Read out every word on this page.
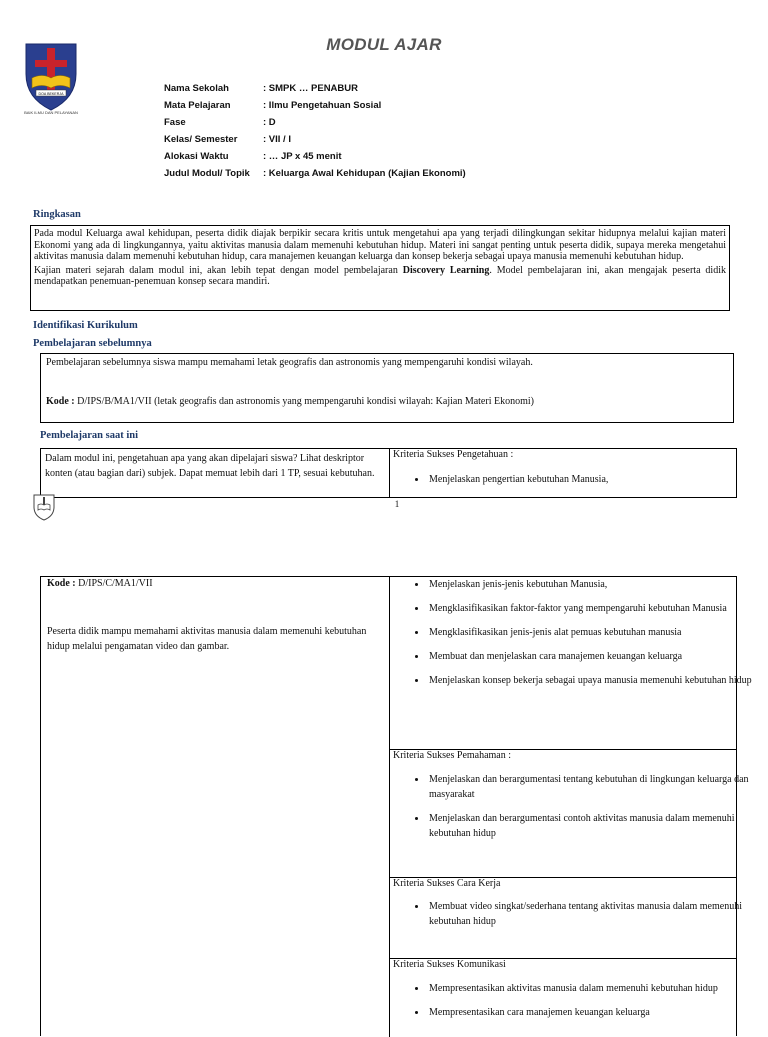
DOA BEKERJA
BAIK ILMU DAN PELAYANAN
MODUL AJAR
Nama Sekolah	: SMPK … PENABUR
Mata Pelajaran	: Ilmu Pengetahuan Sosial
Fase	: D
Kelas/ Semester	: VII / I
Alokasi Waktu	: … JP x 45 menit
Judul Modul/ Topik	: Keluarga Awal Kehidupan (Kajian Ekonomi)
Ringkasan
Pada modul Keluarga awal kehidupan, peserta didik diajak berpikir secara kritis untuk mengetahui apa yang terjadi dilingkungan sekitar hidupnya melalui kajian materi Ekonomi yang ada di lingkungannya, yaitu aktivitas manusia dalam memenuhi kebutuhan hidup. Materi ini sangat penting untuk peserta didik, supaya mereka mengetahui aktivitas manusia dalam memenuhi kebutuhan hidup, cara manajemen keuangan keluarga dan konsep bekerja sebagai upaya manusia memenuhi kebutuhan hidup.
Kajian materi sejarah dalam modul ini, akan lebih tepat dengan model pembelajaran Discovery Learning. Model pembelajaran ini, akan mengajak peserta didik mendapatkan penemuan-penemuan konsep secara mandiri.
Identifikasi Kurikulum
Pembelajaran sebelumnya
Pembelajaran sebelumnya siswa mampu memahami letak geografis dan astronomis yang mempengaruhi kondisi wilayah.
Kode : D/IPS/B/MA1/VII (letak geografis dan astronomis yang mempengaruhi kondisi wilayah: Kajian Materi Ekonomi)
Pembelajaran saat ini
Dalam modul ini, pengetahuan apa yang akan dipelajari siswa? Lihat deskriptor konten (atau bagian dari) subjek. Dapat memuat lebih dari 1 TP, sesuai kebutuhan.
Kriteria Sukses Pengetahuan :
• Menjelaskan pengertian kebutuhan Manusia,
1
Kode : D/IPS/C/MA1/VII
Peserta didik mampu memahami aktivitas manusia dalam memenuhi kebutuhan hidup melalui pengamatan video dan gambar.
• Menjelaskan jenis-jenis kebutuhan Manusia,
• Mengklasifikasikan faktor-faktor yang mempengaruhi kebutuhan Manusia
• Mengklasifikasikan jenis-jenis alat pemuas kebutuhan manusia
• Membuat dan menjelaskan cara manajemen keuangan keluarga
• Menjelaskan konsep bekerja sebagai upaya manusia memenuhi kebutuhan hidup
Kriteria Sukses Pemahaman :
• Menjelaskan dan berargumentasi tentang kebutuhan di lingkungan keluarga dan masyarakat
• Menjelaskan dan berargumentasi contoh aktivitas manusia dalam memenuhi kebutuhan hidup
Kriteria Sukses Cara Kerja
• Membuat video singkat/sederhana tentang aktivitas manusia dalam memenuhi kebutuhan hidup
Kriteria Sukses Komunikasi
• Mempresentasikan aktivitas manusia dalam memenuhi kebutuhan hidup
• Mempresentasikan cara manajemen keuangan keluarga
